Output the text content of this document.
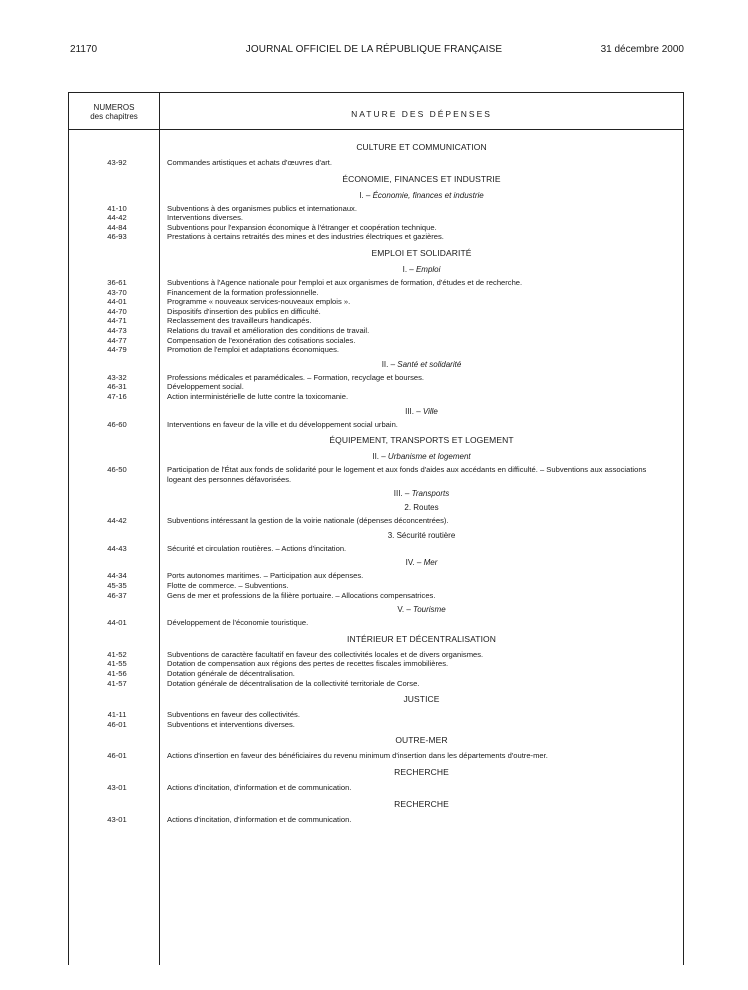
21170	JOURNAL OFFICIEL DE LA RÉPUBLIQUE FRANÇAISE	31 décembre 2000
NUMEROS
des chapitres	NATURE DES DÉPENSES
CULTURE ET COMMUNICATION
43-92	Commandes artistiques et achats d'œuvres d'art.
ÉCONOMIE, FINANCES ET INDUSTRIE
I. – Économie, finances et industrie
41-10	Subventions à des organismes publics et internationaux.
44-42	Interventions diverses.
44-84	Subventions pour l'expansion économique à l'étranger et coopération technique.
46-93	Prestations à certains retraités des mines et des industries électriques et gazières.
EMPLOI ET SOLIDARITÉ
I. – Emploi
36-61	Subventions à l'Agence nationale pour l'emploi et aux organismes de formation, d'études et de recherche.
43-70	Financement de la formation professionnelle.
44-01	Programme « nouveaux services-nouveaux emplois ».
44-70	Dispositifs d'insertion des publics en difficulté.
44-71	Reclassement des travailleurs handicapés.
44-73	Relations du travail et amélioration des conditions de travail.
44-77	Compensation de l'exonération des cotisations sociales.
44-79	Promotion de l'emploi et adaptations économiques.
II. – Santé et solidarité
43-32	Professions médicales et paramédicales. – Formation, recyclage et bourses.
46-31	Développement social.
47-16	Action interministérielle de lutte contre la toxicomanie.
III. – Ville
46-60	Interventions en faveur de la ville et du développement social urbain.
ÉQUIPEMENT, TRANSPORTS ET LOGEMENT
II. – Urbanisme et logement
46-50	Participation de l'État aux fonds de solidarité pour le logement et aux fonds d'aides aux accédants en difficulté. – Subventions aux associations logeant des personnes défavorisées.
III. – Transports
2. Routes
44-42	Subventions intéressant la gestion de la voirie nationale (dépenses déconcentrées).
3. Sécurité routière
44-43	Sécurité et circulation routières. – Actions d'incitation.
IV. – Mer
44-34	Ports autonomes maritimes. – Participation aux dépenses.
45-35	Flotte de commerce. – Subventions.
46-37	Gens de mer et professions de la filière portuaire. – Allocations compensatrices.
V. – Tourisme
44-01	Développement de l'économie touristique.
INTÉRIEUR ET DÉCENTRALISATION
41-52	Subventions de caractère facultatif en faveur des collectivités locales et de divers organismes.
41-55	Dotation de compensation aux régions des pertes de recettes fiscales immobilières.
41-56	Dotation générale de décentralisation.
41-57	Dotation générale de décentralisation de la collectivité territoriale de Corse.
JUSTICE
41-11	Subventions en faveur des collectivités.
46-01	Subventions et interventions diverses.
OUTRE-MER
46-01	Actions d'insertion en faveur des bénéficiaires du revenu minimum d'insertion dans les départements d'outre-mer.
RECHERCHE
43-01	Actions d'incitation, d'information et de communication.
RECHERCHE
43-01	Actions d'incitation, d'information et de communication.
